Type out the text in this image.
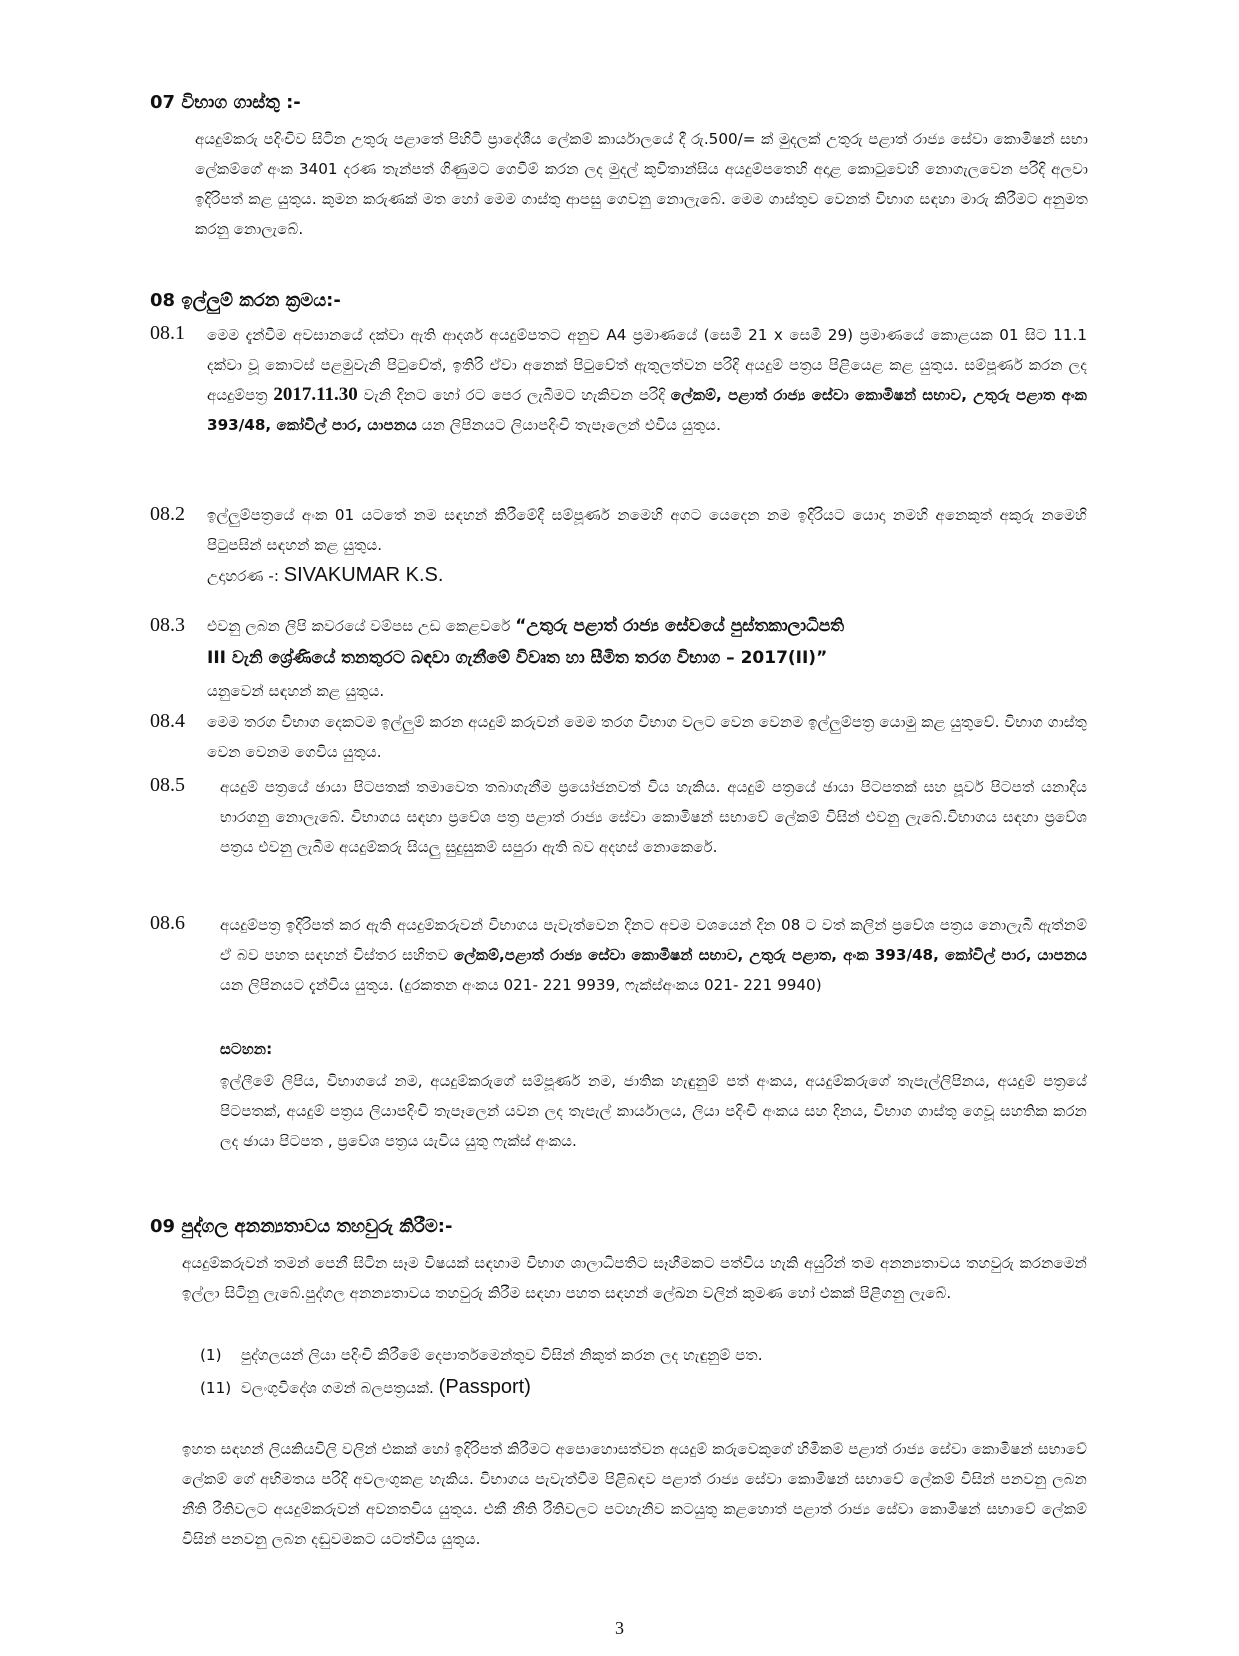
07 විභාග ගාස්තු :-
අයදුම්කරු පදිංචිව සිටින උතුරු පළාතේ පිහිටි ප්‍රාදේශීය ලේකම් කාර්යාලයේ දී රු.500/= ක් මුදලක් උතුරු පළාත් රාජ්‍ය සේවා කොමිෂන් සභා ලේකම්ගේ අංක 3401 දරණ තැන්පත් ගිණුමට ගෙවීම් කරන ලද මුදල් කුවිතාන්සිය අයදුම්පතෙහි අදාළ කොටුවෙහි නොගැලවෙන පරිදි අලවා ඉදිරිපත් කළ යුතුය. කුමන කරුණක් මත හෝ මෙම ගාස්තු ආපසු ගෙවනු නොලැබේ. මෙම ගාස්තුව වෙනත් විභාග සඳහා මාරු කිරීමට අනුමත කරනු නොලැබේ.
08 ඉල්ලුම් කරන ක්‍රමය:-
08.1 මෙම දැන්වීම අවසානයේ දක්වා ඇති ආදර්ශ අයදුම්පතට අනුව A4 ප්‍රමාණයේ (සෙමී 21 x සෙමී 29) ප්‍රමාණයේ කොළයක 01 සිට 11.1 දක්වා වූ කොටස් පළමුවැනි පිටුවේත්, ඉතිරි ඒවා අනෙක් පිටුවේත් ඇතුලත්වන පරිදි අයදුම් පත්‍රය පිළියෙළ කළ යුතුය. සම්පූර්ණ කරන ලද අයදුම්පත්‍ර 2017.11.30 වැනි දිනට හෝ රට පෙර ලැබීමට හැකිවන පරිදි ලේකම්, පළාත් රාජ්‍ය සේවා කොමිෂන් සභාව, උතුරු පළාත අංක 393/48, කෝවිල් පාර, යාපනය යන ලිපිනයට ලියාපදිංචි තැපෑලෙන් එවිය යුතුය.
08.2 ඉල්ලුම්පත්‍රයේ අංක 01 යටතේ නම සඳහන් කිරීමේදී සම්පූර්ණ නමෙහි අගට යෙදෙන නම ඉදිරියට යොදා නමහි අනෙකුත් අකුරු නමෙහි පිටුපසින් සඳහන් කළ යුතුය.
උදාහරණ -: SIVAKUMAR K.S.
08.3 එවනු ලබන ලිපි කවරයේ වම්පස උඩ කෙළවරේ “උතුරු පළාත් රාජ්‍ය සේවයේ පුස්තකාලාධිපති
III වැනි ශ්‍රේණියේ තනතුරට බඳවා ගැනීමේ විවෘත හා සීමිත තරග විභාග – 2017(II)”
යනුවෙන් සඳහන් කළ යුතුය.
08.4 මෙම තරග විභාග දෙකටම ඉල්ලුම් කරන අයදුම් කරුවන් මෙම තරග විභාග වලට වෙන වෙනම ඉල්ලුම්පත්‍ර යොමු කළ යුතුවේ. විභාග ගාස්තු වෙන වෙනම ගෙවිය යුතුය.
08.5 අයදුම් පත්‍රයේ ඡායා පිටපතක් තමාවෙත තබාගැනීම ප්‍රයෝජනවත් විය හැකිය. අයදුම් පත්‍රයේ ඡායා පිටපතක් සහ පූර්ව පිටපත් යනාදිය භාරගනු නොලැබේ. විභාගය සඳහා ප්‍රවේශ පත්‍ර පළාත් රාජ්‍ය සේවා කොමිෂන් සභාවේ ලේකම් විසින් එවනු ලැබේ.විභාගය සඳහා ප්‍රවේශ පත්‍රය එවනු ලැබීම අයදුම්කරු සියලු සුදුසුකම් සපුරා ඇති බව අදහස් නොකෙරේ.
08.6 අයදුම්පත්‍ර ඉදිරිපත් කර ඇති අයදුම්කරුවන් විභාගය පැවැත්වෙන දිනට අවම වශයෙන් දින 08 ට වත් කලින් ප්‍රවේශ පත්‍රය නොලැබී ඇත්නම් ඒ බව පහත සඳහන් විස්තර සහිතව ලේකම්,පළාත් රාජ්‍ය සේවා කොමිෂන් සභාව, උතුරු පළාත, අංක 393/48, කෝවිල් පාර, යාපනය යන ලිපිනයට දැන්විය යුතුය. (දුරකතන අංකය 021- 221 9939, ෆැක්ස්අංකය 021- 221 9940)
සටහන:
ඉල්ලීමේ ලිපිය, විභාගයේ නම, අයදුම්කරුගේ සම්පූර්ණ නම, ජාතික හැඳුනුම් පත් අංකය, අයදුම්කරුගේ තැපැල්ලිපිනය, අයදුම් පත්‍රයේ පිටපතක්, අයදුම් පත්‍රය ලියාපදිංචි තැපෑලෙන් යවන ලද තැපැල් කාර්යාලය, ලියා පදිංචි අංකය සහ දිනය, විභාග ගාස්තු ගෙවූ සහතික කරන ලද ඡායා පිටපත , ප්‍රවේශ පත්‍රය යැවිය යුතු ෆැක්ස් අංකය.
09 පුද්ගල අනන්‍යතාවය තහවුරු කිරීම:-
අයදුම්කරුවන් තමන් පෙනී සිටින සෑම විෂයක් සඳහාම විභාග ශාලාධිපතිට සෑහීමකට පත්විය හැකි අයුරින් තම අනන්‍යතාවය තහවුරු කරනමෙන් ඉල්ලා සිටිනු ලැබේ.පුද්ගල අනන්‍යතාවය තහවුරු කිරීම සඳහා පහත සඳහන් ලේඛන වලින් කුමණ හෝ එකක් පිළිගනු ලැබේ.
(1) පුද්ගලයන් ලියා පදිංචි කිරීමේ දෙපාර්තමෙන්තුව විසින් නිකුත් කරන ලද හැඳුනුම් පත.
(11) වලංගුවිදේශ ගමන් බලපත්‍රයක්. (Passport)
ඉහත සඳහන් ලියකියවිලි වලින් එකක් හෝ ඉදිරිපත් කිරීමට අපොහොසත්වන අයදුම් කරුවෙකුගේ හිමිකම් පළාත් රාජ්‍ය සේවා කොමිෂන් සභාවේ ලේකම් ගේ අභිමතය පරිදි අවලංගුකළ හැකිය. විභාගය පැවැත්වීම පිළිබඳව පළාත් රාජ්‍ය සේවා කොමිෂන් සභාවේ ලේකම් විසින් පනවනු ලබන නීති රීතිවලට අයදුම්කරුවන් අවනතවිය යුතුය. එකී නීති රීතිවලට පටහැනිව කටයුතු කළහොත් පළාත් රාජ්‍ය සේවා කොමිෂන් සභාවේ ලේකම් විසින් පනවනු ලබන දඬුවමකට යටත්විය යුතුය.
3
